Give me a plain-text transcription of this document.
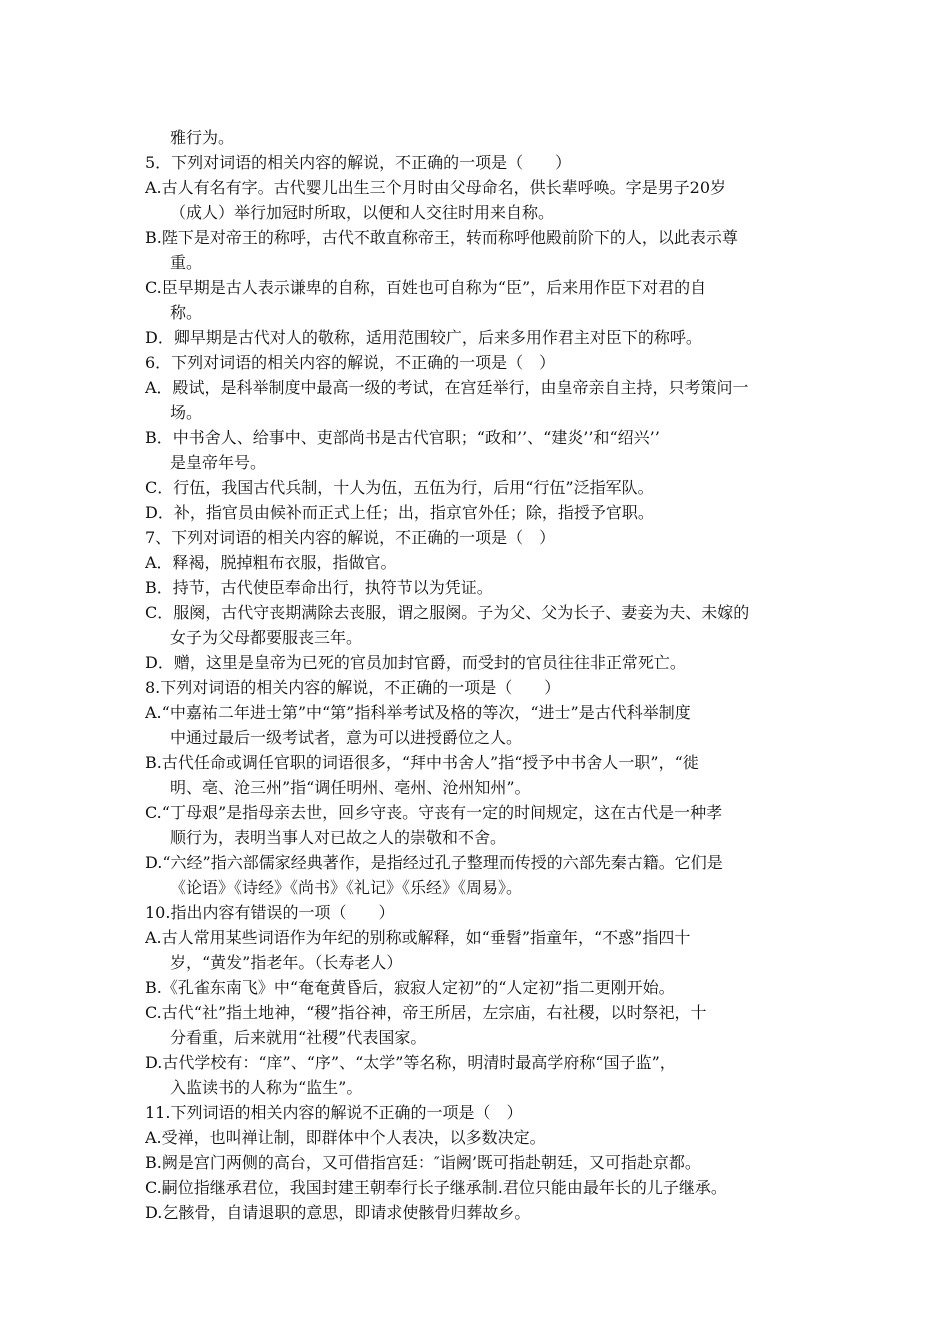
雅行为。
5．下列对词语的相关内容的解说，不正确的一项是（　　）
A.古人有名有字。古代婴儿出生三个月时由父母命名，供长辈呼唤。字是男子20岁
（成人）举行加冠时所取，以便和人交往时用来自称。
B.陛下是对帝王的称呼，古代不敢直称帝王，转而称呼他殿前阶下的人，以此表示尊
重。
C.臣早期是古人表示谦卑的自称，百姓也可自称为“臣”，后来用作臣下对君的自
称。
D．卿早期是古代对人的敬称，适用范围较广，后来多用作君主对臣下的称呼。
6．下列对词语的相关内容的解说，不正确的一项是（　）
A．殿试，是科举制度中最高一级的考试，在宫廷举行，由皇帝亲自主持，只考策问一
场。
B．中书舍人、给事中、吏部尚书是古代官职；“政和’’、“建炎’’和“绍兴’’
是皇帝年号。
C．行伍，我国古代兵制，十人为伍，五伍为行，后用“行伍”泛指军队。
D．补，指官员由候补而正式上任；出，指京官外任；除，指授予官职。
7、下列对词语的相关内容的解说，不正确的一项是（　）
A．释褐，脱掉粗布衣服，指做官。
B．持节，古代使臣奉命出行，执符节以为凭证。
C．服阕，古代守丧期满除去丧服，谓之服阕。子为父、父为长子、妻妾为夫、未嫁的
女子为父母都要服丧三年。
D．赠，这里是皇帝为已死的官员加封官爵，而受封的官员往往非正常死亡。
8.下列对词语的相关内容的解说，不正确的一项是（　　）
A.“中嘉祐二年进士第”中“第”指科举考试及格的等次，“进士”是古代科举制度
中通过最后一级考试者，意为可以进授爵位之人。
B.古代任命或调任官职的词语很多，“拜中书舍人”指“授予中书舍人一职”，“徙
明、亳、沧三州”指“调任明州、亳州、沧州知州”。
C.“丁母艰”是指母亲去世，回乡守丧。守丧有一定的时间规定，这在古代是一种孝
顺行为，表明当事人对已故之人的崇敬和不舍。
D.“六经”指六部儒家经典著作，是指经过孔子整理而传授的六部先秦古籍。它们是
《论语》《诗经》《尚书》《礼记》《乐经》《周易》。
10.指出内容有错误的一项（　　）
A.古人常用某些词语作为年纪的别称或解释，如“垂髫”指童年，“不惑”指四十
岁，“黄发”指老年。（长寿老人）
B.《孔雀东南飞》中“奄奄黄昏后，寂寂人定初”的“人定初”指二更刚开始。
C.古代“社”指土地神，“稷”指谷神，帝王所居，左宗庙，右社稷，以时祭祀，十
分看重，后来就用“社稷”代表国家。
D.古代学校有：“庠”、“序”、“太学”等名称，明清时最高学府称“国子监”，
入监读书的人称为“监生”。
11.下列词语的相关内容的解说不正确的一项是（　）
A.受禅，也叫禅让制，即群体中个人表决，以多数决定。
B.阙是宫门两侧的高台，又可借指宫廷：″诣阙’既可指赴朝廷，又可指赴京都。
C.嗣位指继承君位，我国封建王朝奉行长子继承制.君位只能由最年长的儿子继承。
D.乞骸骨，自请退职的意思，即请求使骸骨归葬故乡。
